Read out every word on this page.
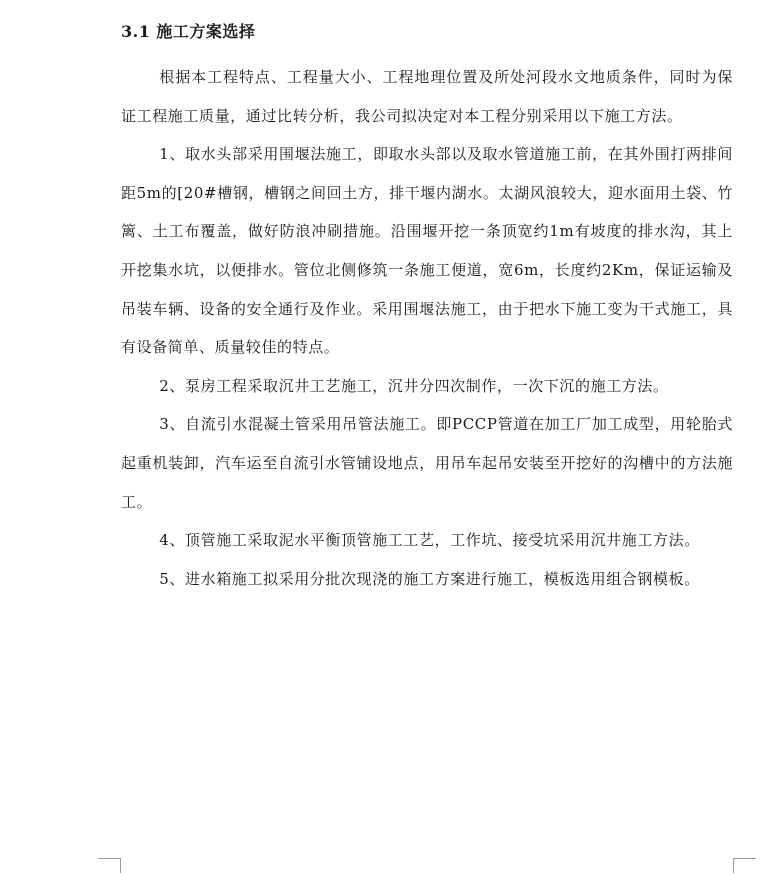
3.1 施工方案选择

根据本工程特点、工程量大小、工程地理位置及所处河段水文地质条件，同时为保证工程施工质量，通过比转分析，我公司拟决定对本工程分别采用以下施工方法。

1、取水头部采用围堰法施工，即取水头部以及取水管道施工前，在其外围打两排间距5m的[20#槽钢，槽钢之间回土方，排干堰内湖水。太湖风浪较大，迎水面用土袋、竹篱、土工布覆盖，做好防浪冲刷措施。沿围堰开挖一条顶宽约1m有坡度的排水沟，其上开挖集水坑，以便排水。管位北侧修筑一条施工便道，宽6m，长度约2Km，保证运输及吊装车辆、设备的安全通行及作业。采用围堰法施工，由于把水下施工变为干式施工，具有设备简单、质量较佳的特点。

2、泵房工程采取沉井工艺施工，沉井分四次制作，一次下沉的施工方法。

3、自流引水混凝土管采用吊管法施工。即PCCP管道在加工厂加工成型，用轮胎式起重机装卸，汽车运至自流引水管铺设地点，用吊车起吊安装至开挖好的沟槽中的方法施工。

4、顶管施工采取泥水平衡顶管施工工艺，工作坑、接受坑采用沉井施工方法。

5、进水箱施工拟采用分批次现浇的施工方案进行施工，模板选用组合钢模板。
